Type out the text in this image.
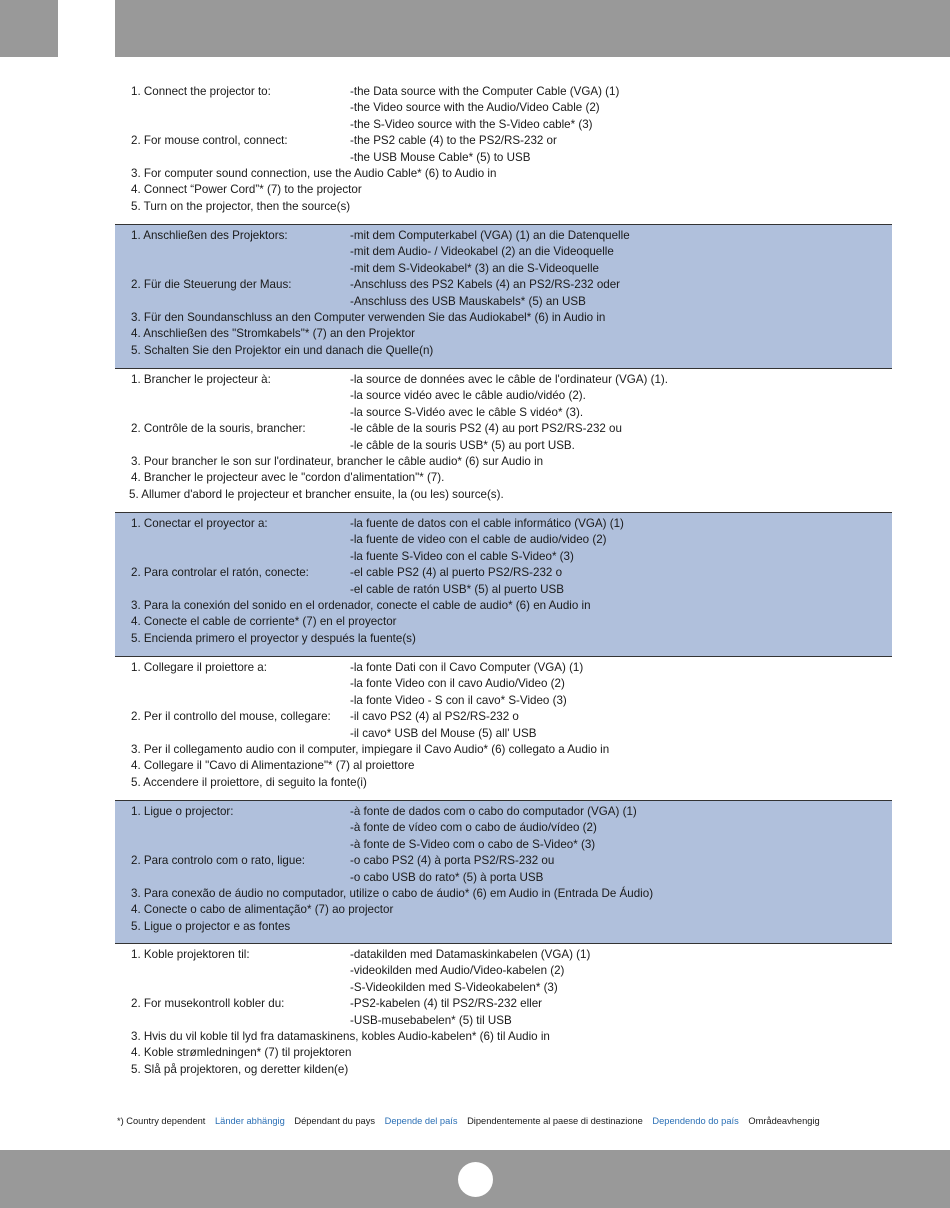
1. Connect the projector to:	-the Data source with the Computer Cable (VGA) (1)
-the Video source with the Audio/Video Cable (2)
-the S-Video source with the S-Video cable* (3)
2. For mouse control, connect:	-the PS2 cable (4) to the PS2/RS-232 or
-the USB Mouse Cable* (5) to USB
3. For computer sound connection, use the Audio Cable* (6) to Audio in
4. Connect “Power Cord”* (7) to the projector
5. Turn on the projector, then the source(s)
1. Anschließen des Projektors:	-mit dem Computerkabel (VGA) (1) an die Datenquelle
-mit dem Audio- / Videokabel (2) an die Videoquelle
-mit dem S-Videokabel* (3) an die S-Videoquelle
2. Für die Steuerung der Maus:	-Anschluss des PS2 Kabels (4) an PS2/RS-232 oder
-Anschluss des USB Mauskabels* (5) an USB
3. Für den Soundanschluss an den Computer verwenden Sie das Audiokabel* (6) in Audio in
4. Anschließen des "Stromkabels"* (7) an den Projektor
5. Schalten Sie den Projektor ein und danach die Quelle(n)
1. Brancher le projecteur à:	-la source de données avec le câble de l'ordinateur (VGA) (1).
-la source vidéo avec le câble audio/vidéo (2).
-la source S-Vidéo avec le câble S vidéo* (3).
2. Contrôle de la souris, brancher:	-le câble de la souris PS2 (4) au port PS2/RS-232 ou
-le câble de la souris USB* (5) au port USB.
3. Pour brancher le son sur l'ordinateur, brancher le câble audio* (6) sur Audio in
4. Brancher le projecteur avec le "cordon d'alimentation"* (7).
5. Allumer d'abord le projecteur et brancher ensuite, la (ou les) source(s).
1. Conectar el proyector a:	-la fuente de datos con el cable informático (VGA) (1)
-la fuente de video con el cable de audio/video (2)
-la fuente S-Video con el cable S-Video* (3)
2. Para controlar el ratón, conecte:	-el cable PS2 (4) al puerto PS2/RS-232 o
-el cable de ratón USB* (5) al puerto USB
3. Para la conexión del sonido en el ordenador, conecte el cable de audio* (6) en Audio in
4. Conecte el cable de corriente* (7) en el proyector
5. Encienda primero el proyector y después la fuente(s)
1. Collegare il proiettore a:	-la fonte Dati con il Cavo Computer (VGA) (1)
-la fonte Video con il cavo Audio/Video (2)
-la fonte Video - S con il cavo* S-Video (3)
2. Per il controllo del mouse, collegare: -il cavo PS2 (4) al PS2/RS-232 o
-il cavo* USB del Mouse (5) all' USB
3. Per il collegamento audio con il computer, impiegare il Cavo Audio* (6) collegato a Audio in
4. Collegare il "Cavo di Alimentazione"* (7) al proiettore
5. Accendere il proiettore, di seguito la fonte(i)
1. Ligue o projector:	-à fonte de dados com o cabo do computador (VGA) (1)
-à fonte de vídeo com o cabo de áudio/vídeo (2)
-à fonte de S-Video com o cabo de S-Video* (3)
2. Para controlo com o rato, ligue:	-o cabo PS2 (4) à porta PS2/RS-232 ou
-o cabo USB do rato* (5) à porta USB
3. Para conexão de áudio no computador, utilize o cabo de áudio* (6) em Audio in (Entrada De Áudio)
4. Conecte o cabo de alimentação* (7) ao projector
5. Ligue o projector e as fontes
1. Koble projektoren til:	-datakilden med Datamaskinkabelen (VGA) (1)
-videokilden med Audio/Video-kabelen (2)
-S-Videokilden med S-Videokabelen* (3)
2. For musekontroll kobler du:	-PS2-kabelen (4) til PS2/RS-232 eller
-USB-musebabelen* (5) til USB
3. Hvis du vil koble til lyd fra datamaskinens, kobles Audio-kabelen* (6) til Audio in
4. Koble strømledningen* (7) til projektoren
5. Slå på projektoren, og deretter kilden(e)
*) Country dependent Länder abhängig Dépendant du pays Depende del país Dipendentemente al paese di destinazione Dependendo do país Områdeavhengig
